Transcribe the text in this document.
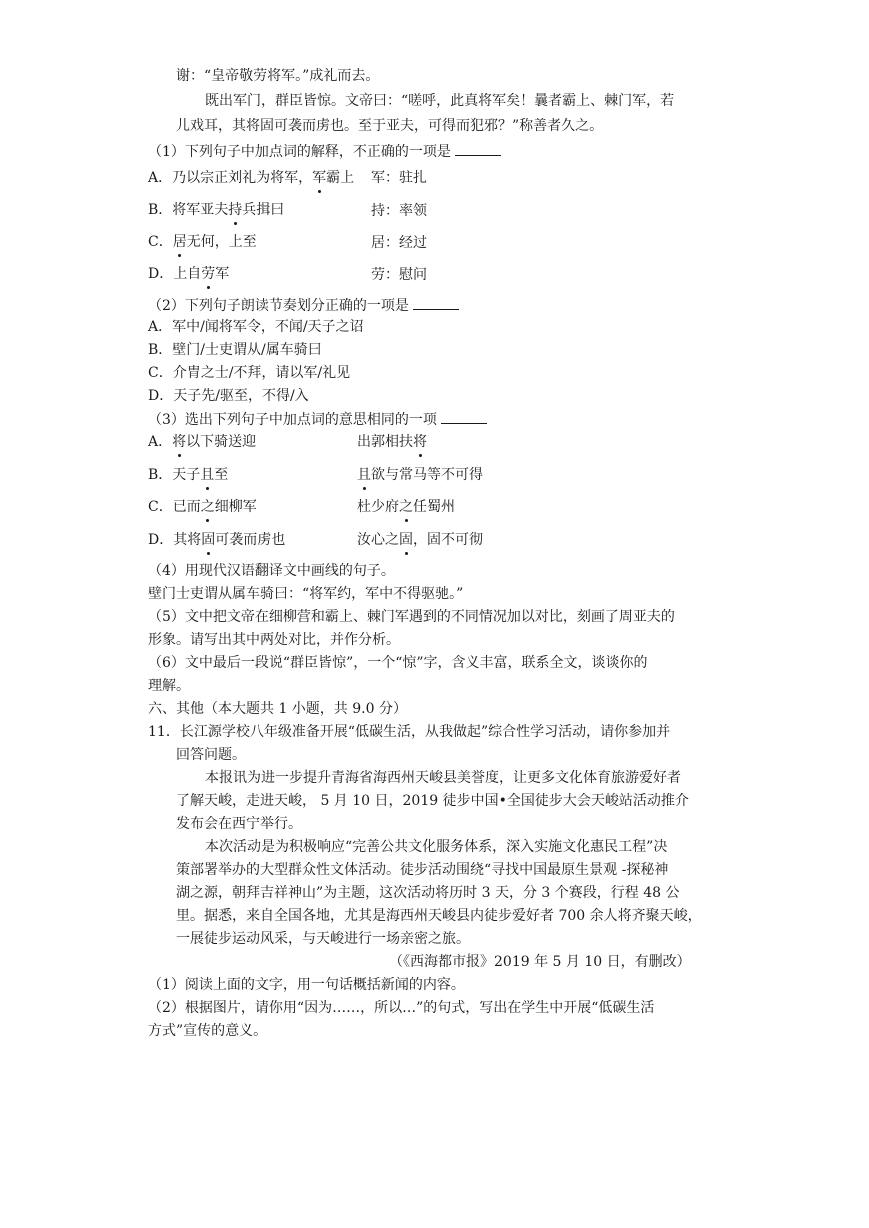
谢：“皇帝敬劳将军。”成礼而去。
既出军门，群臣皆惊。文帝曰：“嗟呼，此真将军矣！曩者霸上、棘门军，若
儿戏耳，其将固可袭而虏也。至于亚夫，可得而犯邪？”称善者久之。
（1）下列句子中加点词的解释，不正确的一项是
A．乃以宗正刘礼为将军，军霸上 军：驻扎
B．将军亚夫持兵揖曰	持：率领
C．居无何，上至	居：经过
D．上自劳军	劳：慰问
（2）下列句子朗读节奏划分正确的一项是
A．军中/闻将军令，不闻/天子之诏
B．壁门/士吏谓从/属车骑曰
C．介胄之士/不拜，请以军/礼见
D．天子先/驱至，不得/入
（3）选出下列句子中加点词的意思相同的一项
A．将以下骑送迎	出郭相扶将
B．天子且至	且欲与常马等不可得
C．已而之细柳军	杜少府之任蜀州
D．其将固可袭而虏也	汝心之固，固不可彻
（4）用现代汉语翻译文中画线的句子。
壁门士吏谓从属车骑曰：“将军约，军中不得驱驰。”
（5）文中把文帝在细柳营和霸上、棘门军遇到的不同情况加以对比，刻画了周亚夫的
形象。请写出其中两处对比，并作分析。
（6）文中最后一段说“群臣皆惊”，一个“惊”字，含义丰富，联系全文，谈谈你的
理解。
六、其他（本大题共 1 小题，共 9.0 分）
11．长江源学校八年级准备开展“低碳生活，从我做起”综合性学习活动，请你参加并
回答问题。
本报讯为进一步提升青海省海西州天峻县美誉度，让更多文化体育旅游爱好者
了解天峻，走进天峻， 5 月 10 日，2019 徒步中国•全国徒步大会天峻站活动推介
发布会在西宁举行。
本次活动是为积极响应“完善公共文化服务体系，深入实施文化惠民工程”决
策部署举办的大型群众性文体活动。徒步活动围绕“寻找中国最原生景观 -探秘神
湖之源，朝拜吉祥神山”为主题，这次活动将历时 3 天，分 3 个赛段，行程 48 公
里。据悉，来自全国各地，尤其是海西州天峻县内徒步爱好者 700 余人将齐聚天峻，
一展徒步运动风采，与天峻进行一场亲密之旅。
（《西海都市报》2019 年 5 月 10 日，有删改）
（1）阅读上面的文字，用一句话概括新闻的内容。
（2）根据图片，请你用“因为……，所以…”的句式，写出在学生中开展“低碳生活
方式”宣传的意义。
